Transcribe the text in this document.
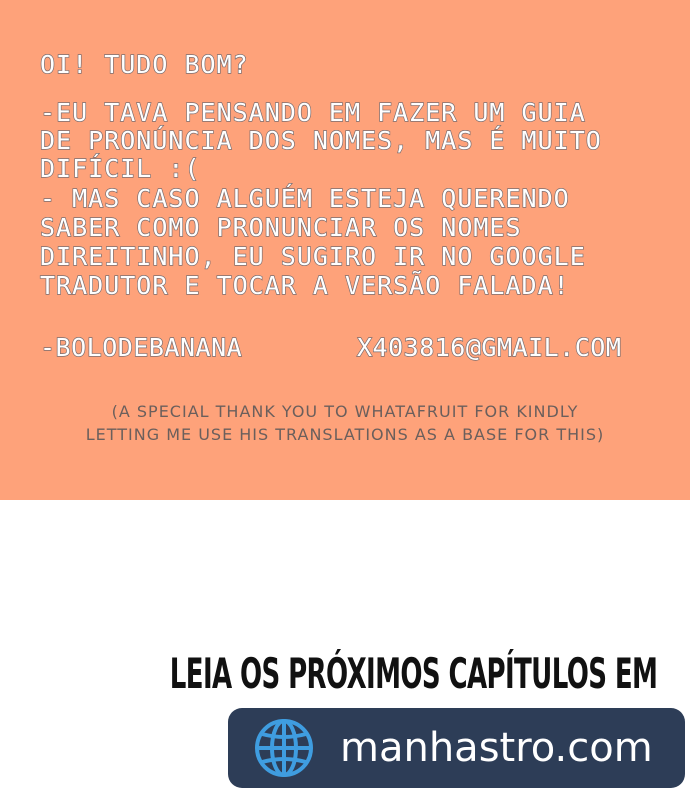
OI! TUDO BOM?
-EU TAVA PENSANDO EM FAZER UM GUIA
DE PRONÚNCIA DOS NOMES, MAS É MUITO
DIFÍCIL :(
- MAS CASO ALGUÉM ESTEJA QUERENDO
SABER COMO PRONUNCIAR OS NOMES
DIREITINHO, EU SUGIRO IR NO GOOGLE
TRADUTOR E TOCAR A VERSÃO FALADA!
-BOLODEBANANA	X403816@GMAIL.COM
(A SPECIAL THANK YOU TO WHATAFRUIT FOR KINDLY
LETTING ME USE HIS TRANSLATIONS AS A BASE FOR THIS)
LEIA OS PRÓXIMOS CAPÍTULOS EM
manhastro.com
